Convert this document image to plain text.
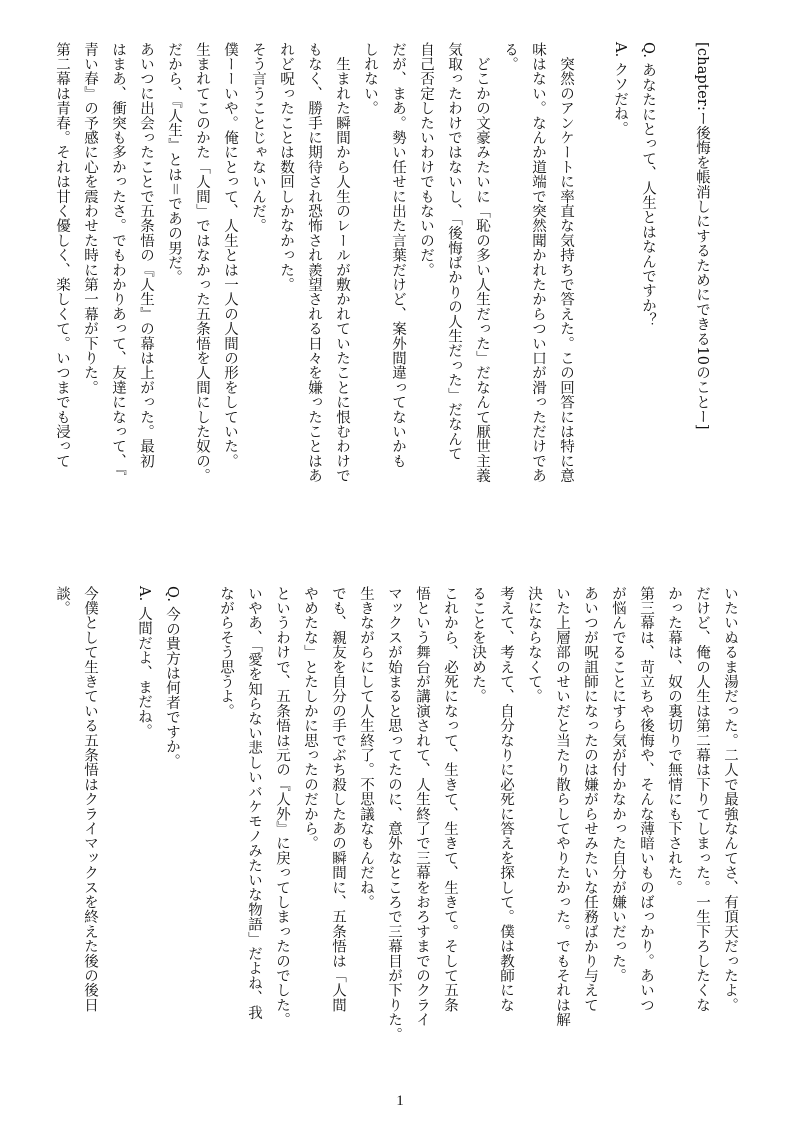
[chapter:ー後悔を帳消しにするためにできる10のことー]
Q. あなたにとって、人生とはなんですか？
A. クソだね。
　突然のアンケートに率直な気持ちで答えた。この回答には特に意
味はない。なんか道端で突然聞かれたからつい口が滑っただけであ
る。
　どこかの文豪みたいに「恥の多い人生だった」だなんて厭世主義
気取ったわけではないし、「後悔ばかりの人生だった」だなんて
自己否定したいわけでもないのだ。
だが、まあ。勢い任せに出た言葉だけど、案外間違ってないかも
しれない。
　生まれた瞬間から人生のレールが敷かれていたことに恨むわけで
もなく、勝手に期待され恐怖され羨望される日々を嫌ったことはあ
れど呪ったことは数回しかなかった。
そう言うことじゃないんだ。
僕ーーいや。俺にとって、人生とは一人の人間の形をしていた。
生まれてこのかた「人間」ではなかった五条悟を人間にした奴の。
だから、『人生』とは＝であの男だ。
あいつに出会ったことで五条悟の『人生』の幕は上がった。最初
はまあ、衝突も多かったさ。でもわかりあって、友達になって、『
青い春』の予感に心を震わせた時に第一幕が下りた。
第二幕は青春。それは甘く優しく、楽しくて。いつまでも浸って
いたいぬるま湯だった。二人で最強なんてさ、有頂天だったよ。
だけど、俺の人生は第二幕は下りてしまった。一生下ろしたくな
かった幕は、奴の裏切りで無情にも下された。
第三幕は、苛立ちや後悔や、そんな薄暗いものばっかり。あいつ
が悩んでることにすら気が付かなかった自分が嫌いだった。
あいつが呪詛師になったのは嫌がらせみたいな任務ばかり与えて
いた上層部のせいだと当たり散らしてやりたかった。でもそれは解
決にならなくて。
考えて、考えて、自分なりに必死に答えを探して。僕は教師にな
ることを決めた。
これから、必死になって、生きて、生きて、生きて。そして五条
悟という舞台が講演されて、人生終了で三幕をおろすまでのクライ
マックスが始まると思ってたのに、意外なところで三幕目が下りた。
生きながらにして人生終了。不思議なもんだね。
でも、親友を自分の手でぶち殺したあの瞬間に、五条悟は「人間
やめたな」とたしかに思ったのだから。
というわけで、五条悟は元の『人外』に戻ってしまったのでした。
いやあ、「愛を知らない悲しいバケモノみたいな物語」だよね、我
ながらそう思うよ。
Q. 今の貴方は何者ですか。
A. 人間だよ、まだね。
今僕として生きている五条悟はクライマックスを終えた後の後日
談。
1
